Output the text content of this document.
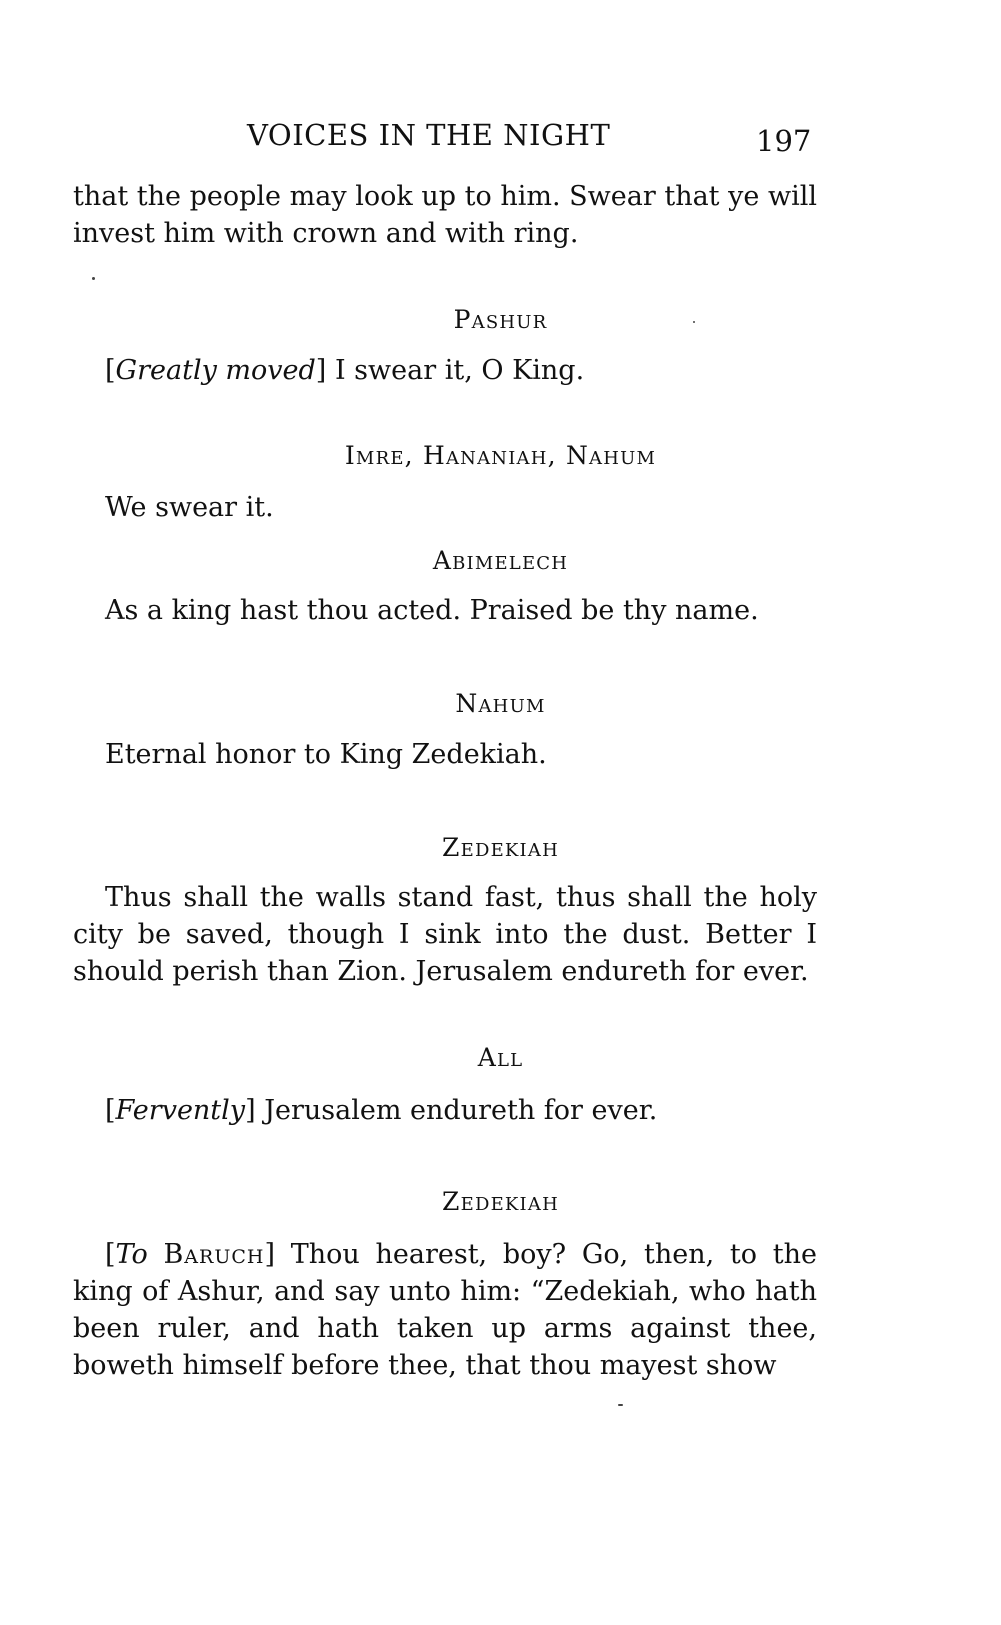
VOICES IN THE NIGHT	197
that the people may look up to him. Swear that ye will invest him with crown and with ring.
Pashur
[Greatly moved] I swear it, O King.
Imre, Hananiah, Nahum
We swear it.
Abimelech
As a king hast thou acted. Praised be thy name.
Nahum
Eternal honor to King Zedekiah.
Zedekiah
Thus shall the walls stand fast, thus shall the holy city be saved, though I sink into the dust. Better I should perish than Zion. Jerusalem endureth for ever.
All
[Fervently] Jerusalem endureth for ever.
Zedekiah
[To Baruch] Thou hearest, boy? Go, then, to the king of Ashur, and say unto him: “Zedekiah, who hath been ruler, and hath taken up arms against thee, boweth himself before thee, that thou mayest show
